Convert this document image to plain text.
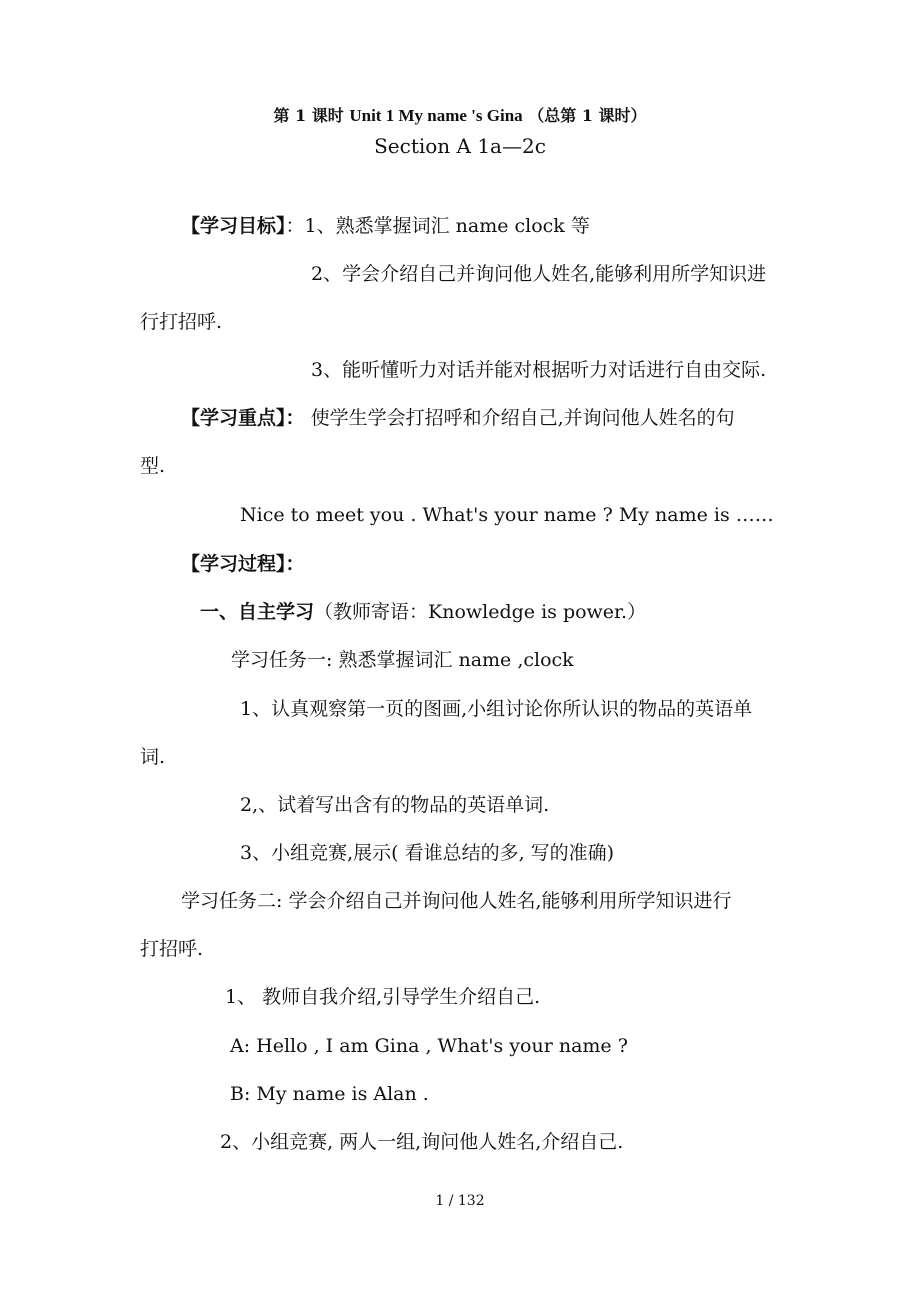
第 1 课时 Unit 1 My name 's Gina （总第 1 课时）
Section A 1a—2c
【学习目标】：1、熟悉掌握词汇 name clock 等
2、学会介绍自己并询问他人姓名,能够利用所学知识进
行打招呼.
3、能听懂听力对话并能对根据听力对话进行自由交际.
【学习重点】： 使学生学会打招呼和介绍自己,并询问他人姓名的句
型.
Nice to meet you . What's your name ? My name is ……
【学习过程】：
一、自主学习（教师寄语：Knowledge is power.）
学习任务一: 熟悉掌握词汇 name ,clock
1、认真观察第一页的图画,小组讨论你所认识的物品的英语单
词.
2,、试着写出含有的物品的英语单词.
3、小组竞赛,展示( 看谁总结的多, 写的准确)
学习任务二: 学会介绍自己并询问他人姓名,能够利用所学知识进行
打招呼.
1、 教师自我介绍,引导学生介绍自己.
A: Hello , I am Gina , What's your name ?
B: My name is Alan .
2、小组竞赛, 两人一组,询问他人姓名,介绍自己.
1 / 132
